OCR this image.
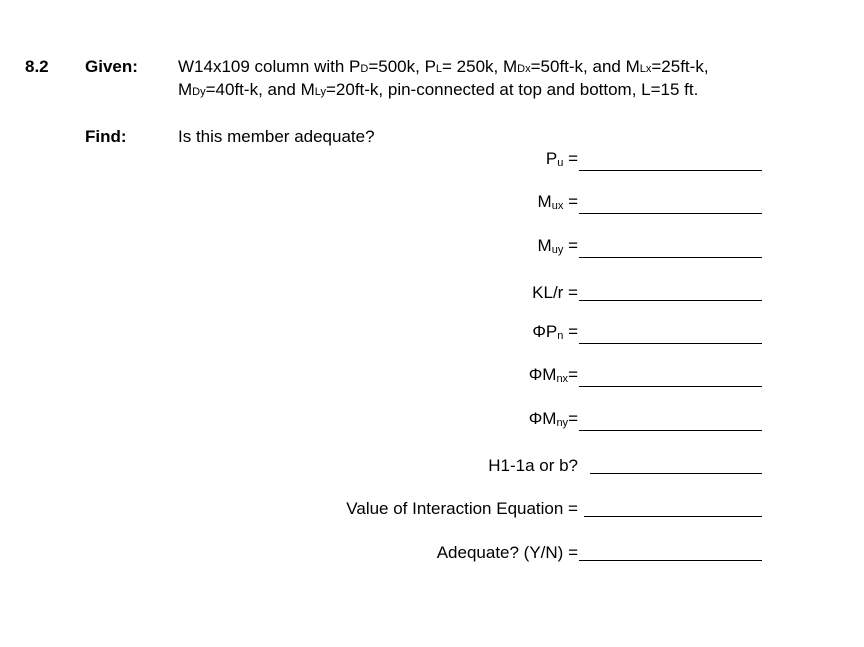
8.2 Given: W14x109 column with PD=500k, PL= 250k, MDx=50ft-k, and MLx=25ft-k,
MDy=40ft-k, and MLy=20ft-k, pin-connected at top and bottom, L=15 ft.
Find:	Is this member adequate?
$P_u$ =
$M_{ux}$ =
$M_{uy}$ =
KL/r =
$\Phi P_n$ =
$\Phi M_{nx}=$
$\Phi M_{ny}=$
H1-1a or b?
Value of Interaction Equation =
Adequate? (Y/N) =
